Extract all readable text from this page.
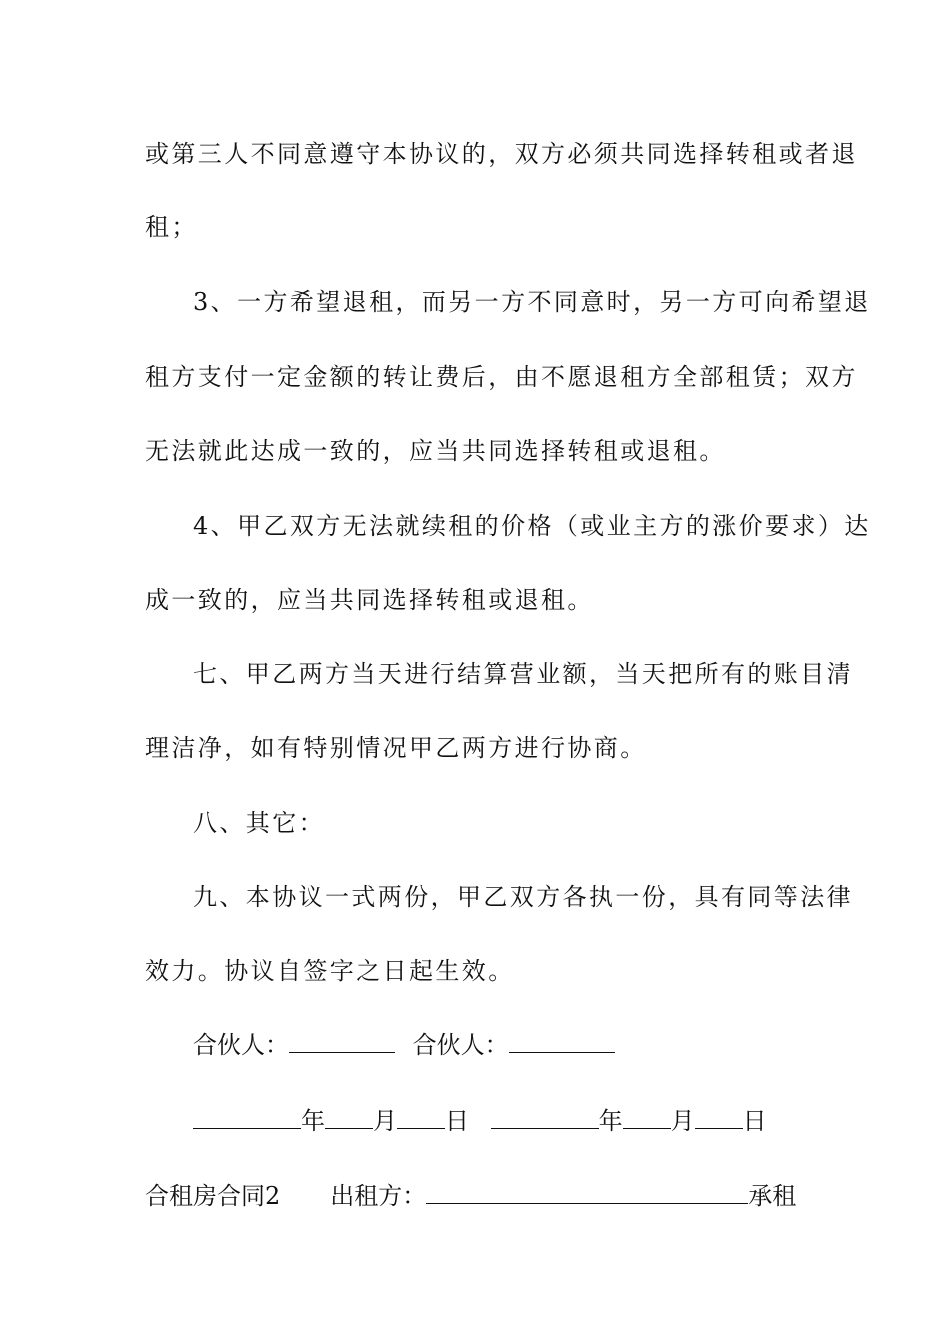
或第三人不同意遵守本协议的，双方必须共同选择转租或者退
租；
3、一方希望退租，而另一方不同意时，另一方可向希望退
租方支付一定金额的转让费后，由不愿退租方全部租赁；双方
无法就此达成一致的，应当共同选择转租或退租。
4、甲乙双方无法就续租的价格（或业主方的涨价要求）达
成一致的，应当共同选择转租或退租。
七、甲乙两方当天进行结算营业额，当天把所有的账目清
理洁净，如有特别情况甲乙两方进行协商。
八、其它：
九、本协议一式两份，甲乙双方各执一份，具有同等法律
效力。协议自签字之日起生效。
合伙人：	合伙人：
年 月 日	年 月 日
合租房合同2 出租方：	承租
